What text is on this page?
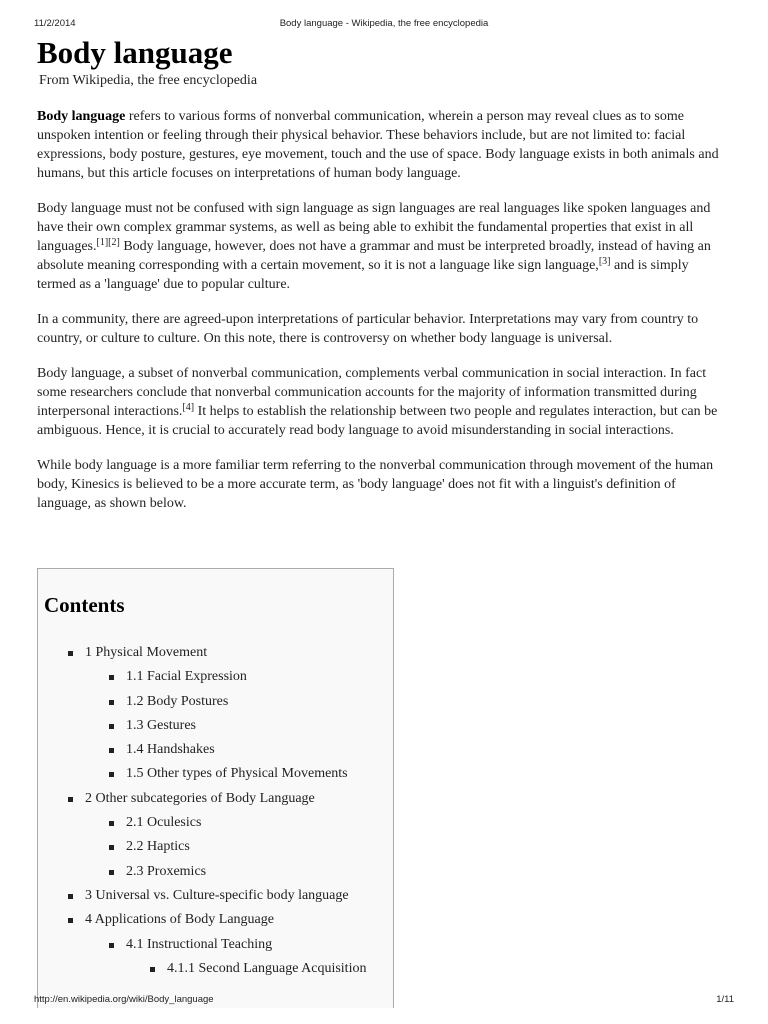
11/2/2014	Body language - Wikipedia, the free encyclopedia
Body language
From Wikipedia, the free encyclopedia

Body language refers to various forms of nonverbal communication, wherein a person may reveal clues as to some unspoken intention or feeling through their physical behavior. These behaviors include, but are not limited to: facial expressions, body posture, gestures, eye movement, touch and the use of space. Body language exists in both animals and humans, but this article focuses on interpretations of human body language.

Body language must not be confused with sign language as sign languages are real languages like spoken languages and have their own complex grammar systems, as well as being able to exhibit the fundamental properties that exist in all languages.[1][2] Body language, however, does not have a grammar and must be interpreted broadly, instead of having an absolute meaning corresponding with a certain movement, so it is not a language like sign language,[3] and is simply termed as a 'language' due to popular culture.

In a community, there are agreed-upon interpretations of particular behavior. Interpretations may vary from country to country, or culture to culture. On this note, there is controversy on whether body language is universal.

Body language, a subset of nonverbal communication, complements verbal communication in social interaction. In fact some researchers conclude that nonverbal communication accounts for the majority of information transmitted during interpersonal interactions.[4] It helps to establish the relationship between two people and regulates interaction, but can be ambiguous. Hence, it is crucial to accurately read body language to avoid misunderstanding in social interactions.

While body language is a more familiar term referring to the nonverbal communication through movement of the human body, Kinesics is believed to be a more accurate term, as 'body language' does not fit with a linguist's definition of language, as shown below.

Contents
1 Physical Movement
1.1 Facial Expression
1.2 Body Postures
1.3 Gestures
1.4 Handshakes
1.5 Other types of Physical Movements
2 Other subcategories of Body Language
2.1 Oculesics
2.2 Haptics
2.3 Proxemics
3 Universal vs. Culture-specific body language
4 Applications of Body Language
4.1 Instructional Teaching
4.1.1 Second Language Acquisition
http://en.wikipedia.org/wiki/Body_language	1/11
